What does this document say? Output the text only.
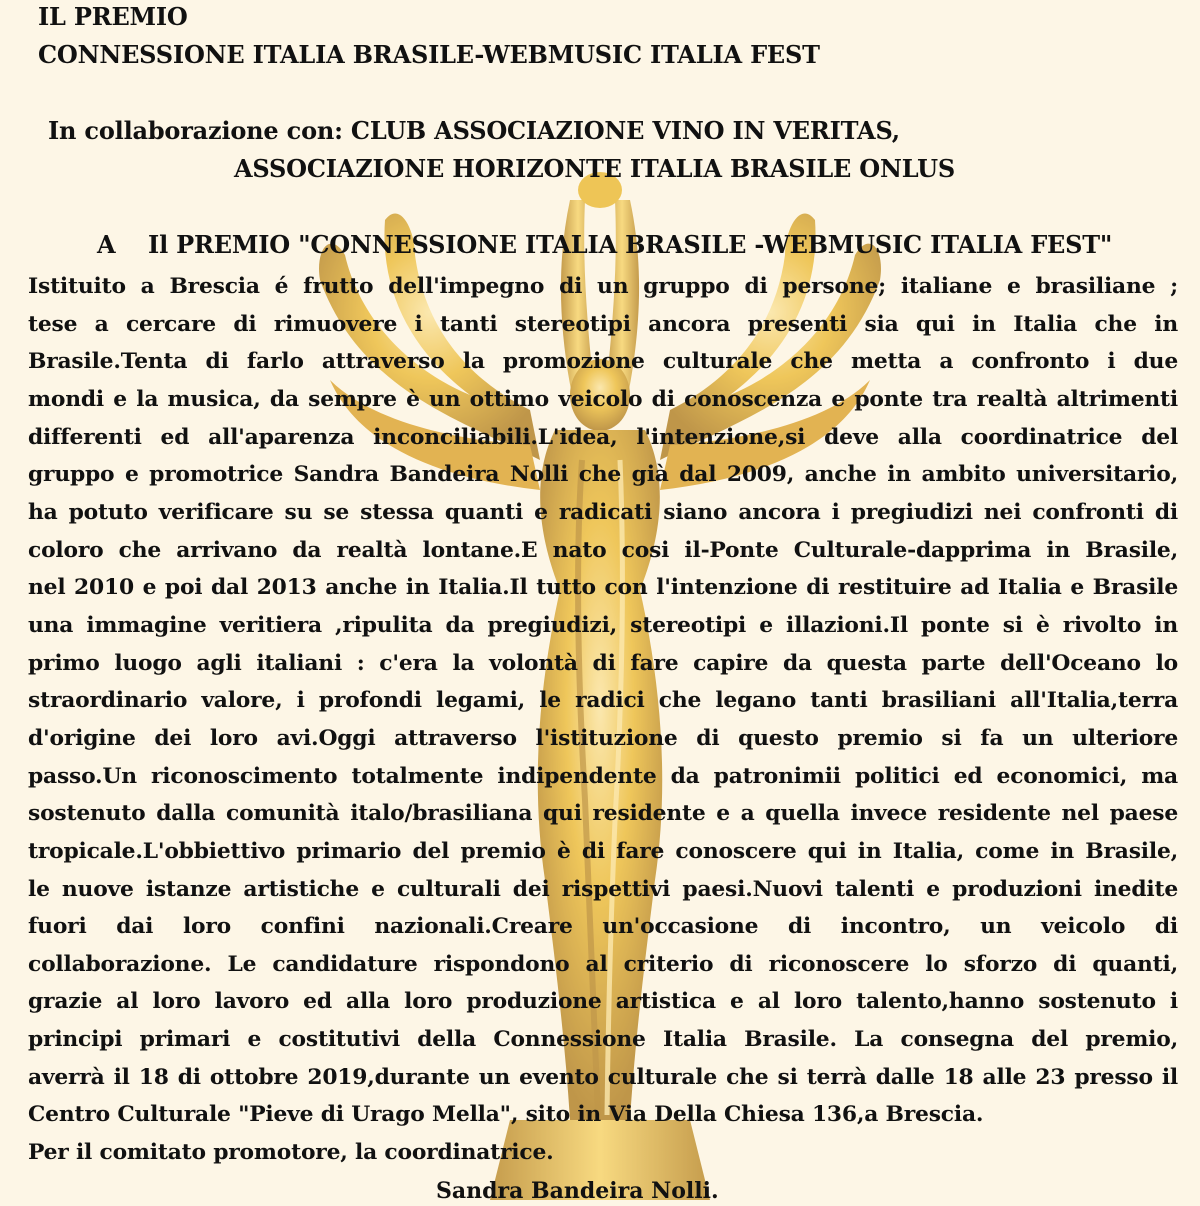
IL PREMIO

CONNESSIONE ITALIA BRASILE-WEBMUSIC ITALIA FEST

In collaborazione con: CLUB ASSOCIAZIONE VINO IN VERITAS,

ASSOCIAZIONE HORIZONTE ITALIA BRASILE ONLUS

A    Il PREMIO "CONNESSIONE ITALIA BRASILE -WEBMUSIC ITALIA FEST"

Istituito a Brescia é frutto dell'impegno di un gruppo di persone; italiane e brasiliane ;
tese a cercare di rimuovere i tanti stereotipi ancora presenti sia qui in Italia che in
Brasile.Tenta di farlo attraverso la promozione culturale che metta a confronto i due
mondi e la musica, da sempre è un ottimo veicolo di conoscenza e ponte tra realtà altrimenti
differenti ed all'aparenza inconciliabili.L'idea, l'intenzione,si deve alla coordinatrice del
gruppo e promotrice Sandra Bandeira Nolli che già dal 2009, anche in ambito universitario,
ha potuto verificare su se stessa quanti e radicati siano ancora i pregiudizi nei confronti di
coloro che arrivano da realtà lontane.E nato cosi il-Ponte Culturale-dapprima in Brasile,
nel 2010 e poi dal 2013 anche in Italia.Il tutto con l'intenzione di restituire ad Italia e Brasile
una immagine veritiera ,ripulita da pregiudizi, stereotipi e illazioni.Il ponte si è rivolto in
primo luogo agli italiani : c'era la volontà di fare capire da questa parte dell'Oceano lo
straordinario valore, i profondi legami, le radici che legano tanti brasiliani all'Italia,terra
d'origine dei loro avi.Oggi attraverso l'istituzione di questo premio si fa un ulteriore
passo.Un riconoscimento totalmente indipendente da patronimii politici ed economici, ma
sostenuto dalla comunità italo/brasiliana qui residente e a quella invece residente nel paese
tropicale.L'obbiettivo primario del premio è di fare conoscere qui in Italia, come in Brasile,
le nuove istanze artistiche e culturali dei rispettivi paesi.Nuovi talenti e produzioni inedite
fuori dai loro confini nazionali.Creare un'occasione di incontro, un veicolo di
collaborazione. Le candidature rispondono al criterio di riconoscere lo sforzo di quanti,
grazie al loro lavoro ed alla loro produzione artistica e al loro talento,hanno sostenuto i
principi primari e costitutivi della Connessione Italia Brasile. La consegna del premio,
averrà il 18 di ottobre 2019,durante un evento culturale che si terrà dalle 18 alle 23 presso il
Centro Culturale "Pieve di Urago Mella", sito in Via Della Chiesa 136,a Brescia.
Per il comitato promotore, la coordinatrice.

Sandra Bandeira Nolli.
